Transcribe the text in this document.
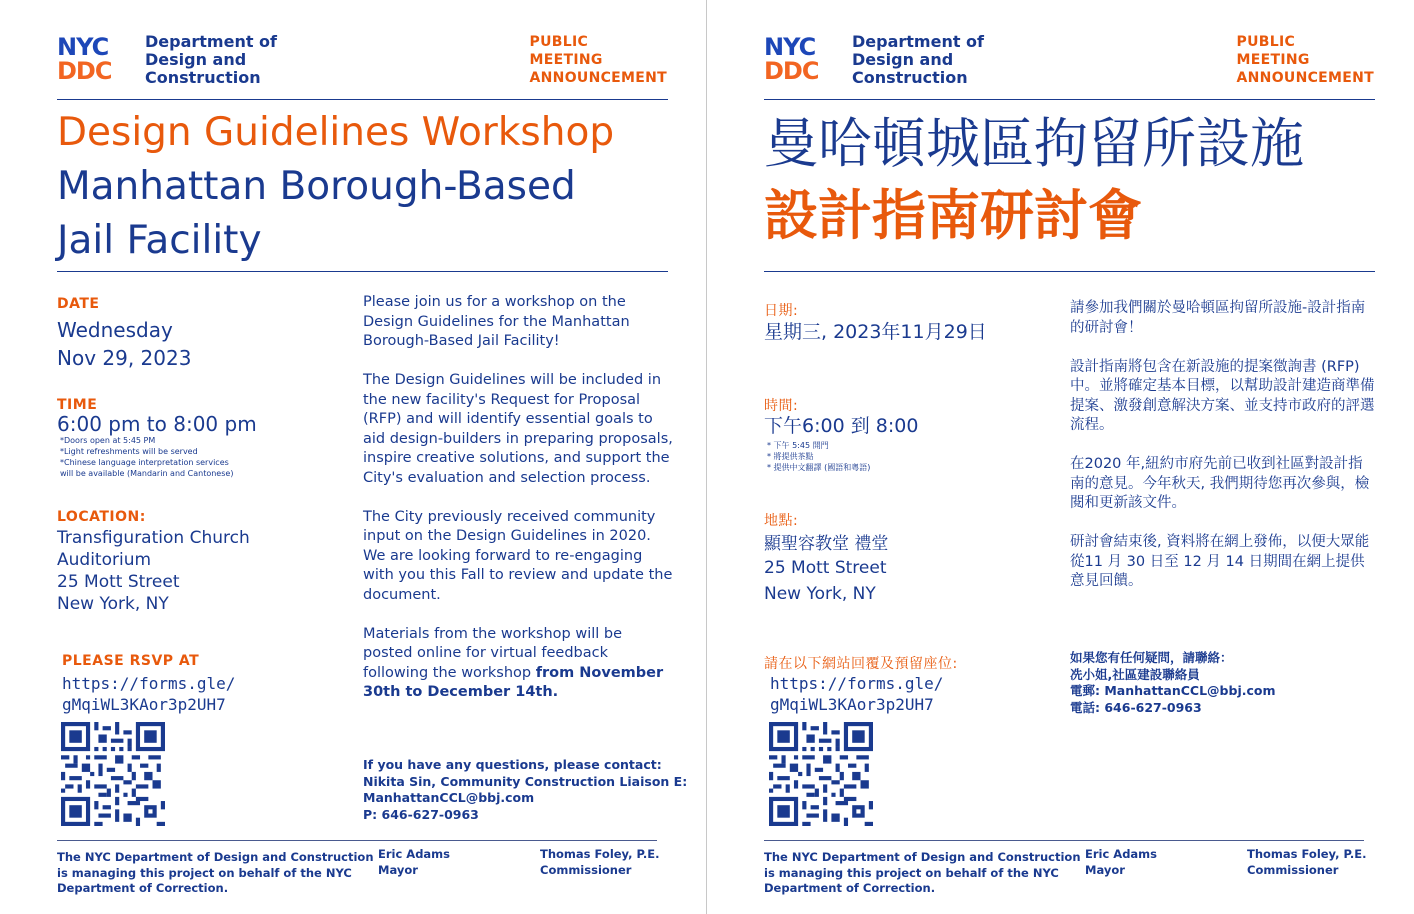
NYC
DDC
Department of
Design and
Construction
PUBLIC
MEETING
ANNOUNCEMENT
Design Guidelines Workshop
Manhattan Borough-Based
Jail Facility
DATE
Wednesday
Nov 29, 2023
TIME
6:00 pm to 8:00 pm
*Doors open at 5:45 PM
*Light refreshments will be served
*Chinese language interpretation services
will be available (Mandarin and Cantonese)
LOCATION:
Transfiguration Church
Auditorium
25 Mott Street
New York, NY
PLEASE RSVP AT
https://forms.gle/
gMqiWL3KAor3p2UH7

Please join us for a workshop on the Design Guidelines for the Manhattan Borough-Based Jail Facility!

The Design Guidelines will be included in the new facility's Request for Proposal (RFP) and will identify essential goals to aid design-builders in preparing proposals, inspire creative solutions, and support the City's evaluation and selection process.

The City previously received community input on the Design Guidelines in 2020. We are looking forward to re-engaging with you this Fall to review and update the document.

Materials from the workshop will be posted online for virtual feedback following the workshop from November 30th to December 14th.

If you have any questions, please contact:
Nikita Sin, Community Construction Liaison E:
ManhattanCCL@bbj.com
P: 646-627-0963
The NYC Department of Design and Construction
is managing this project on behalf of the NYC
Department of Correction.
Eric Adams
Mayor
Thomas Foley, P.E.
Commissioner
NYC
DDC
Department of
Design and
Construction
PUBLIC
MEETING
ANNOUNCEMENT
曼哈頓城區拘留所設施
設計指南研討會
日期:
星期三, 2023年11月29日
時間:
下午6:00 到 8:00
* 下午 5:45 開門
* 將提供茶點
* 提供中文翻譯 (國語和粵語)
地點:
顯聖容教堂 禮堂
25 Mott Street
New York, NY
請在以下網站回覆及預留座位:
https://forms.gle/
gMqiWL3KAor3p2UH7

請參加我們關於曼哈頓區拘留所設施-設計指南的研討會！

設計指南將包含在新設施的提案徵詢書 (RFP) 中。並將確定基本目標，以幫助設計建造商準備提案、激發創意解決方案、並支持市政府的評選流程。

在2020 年,紐約市府先前已收到社區對設計指南的意見。今年秋天, 我們期待您再次參與，檢閱和更新該文件。

研討會結束後, 資料將在網上發佈，以便大眾能從11 月 30 日至 12 月 14 日期間在網上提供意見回饋。

如果您有任何疑問，請聯絡：
冼小姐,社區建設聯絡員
電郵: ManhattanCCL@bbj.com
電話: 646-627-0963
The NYC Department of Design and Construction
is managing this project on behalf of the NYC
Department of Correction.
Eric Adams
Mayor
Thomas Foley, P.E.
Commissioner
